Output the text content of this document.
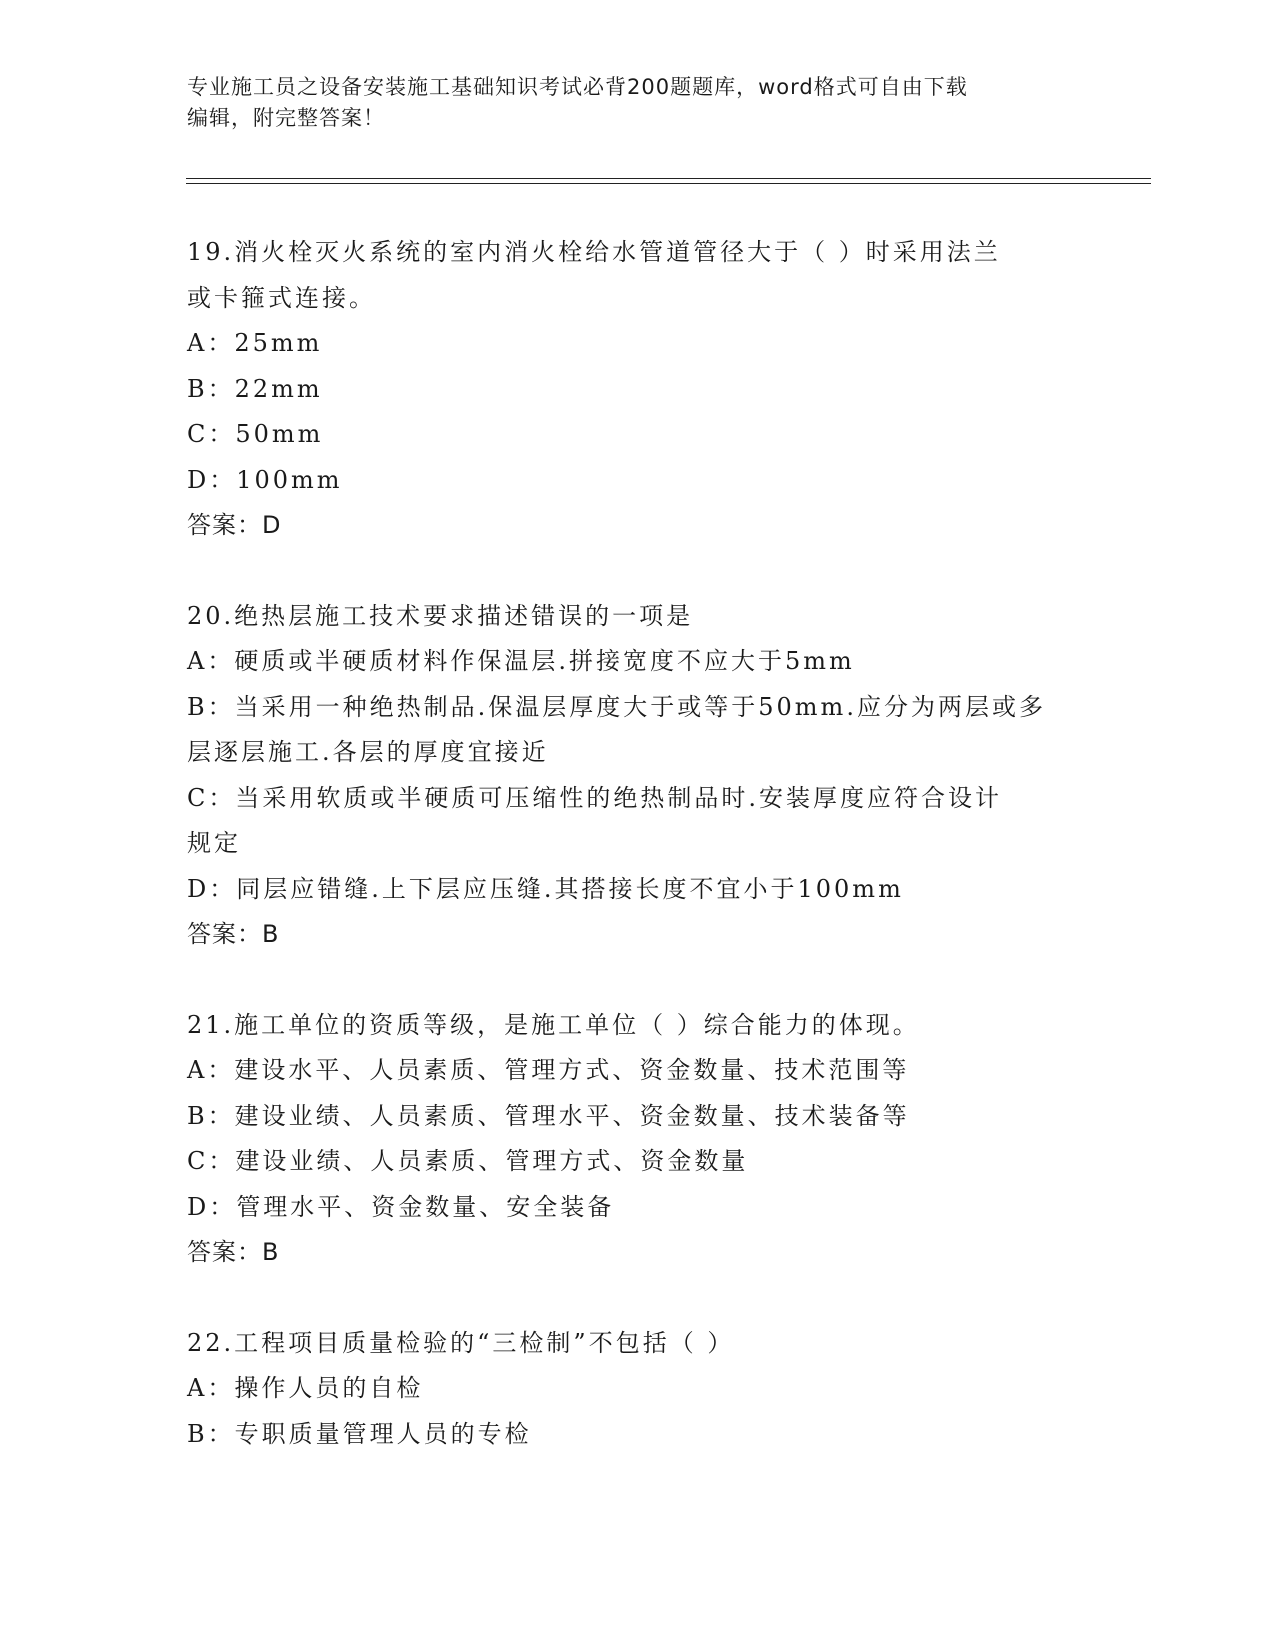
专业施工员之设备安装施工基础知识考试必背200题题库，word格式可自由下载
编辑，附完整答案！
19.消火栓灭火系统的室内消火栓给水管道管径大于（ ）时采用法兰
或卡箍式连接。
A：25mm
B：22mm
C：50mm
D：100mm
答案：D
20.绝热层施工技术要求描述错误的一项是
A：硬质或半硬质材料作保温层.拼接宽度不应大于5mm
B：当采用一种绝热制品.保温层厚度大于或等于50mm.应分为两层或多
层逐层施工.各层的厚度宜接近
C：当采用软质或半硬质可压缩性的绝热制品时.安装厚度应符合设计
规定
D：同层应错缝.上下层应压缝.其搭接长度不宜小于100mm
答案：B
21.施工单位的资质等级，是施工单位（ ）综合能力的体现。
A：建设水平、人员素质、管理方式、资金数量、技术范围等
B：建设业绩、人员素质、管理水平、资金数量、技术装备等
C：建设业绩、人员素质、管理方式、资金数量
D：管理水平、资金数量、安全装备
答案：B
22.工程项目质量检验的“三检制”不包括（ ）
A：操作人员的自检
B：专职质量管理人员的专检
